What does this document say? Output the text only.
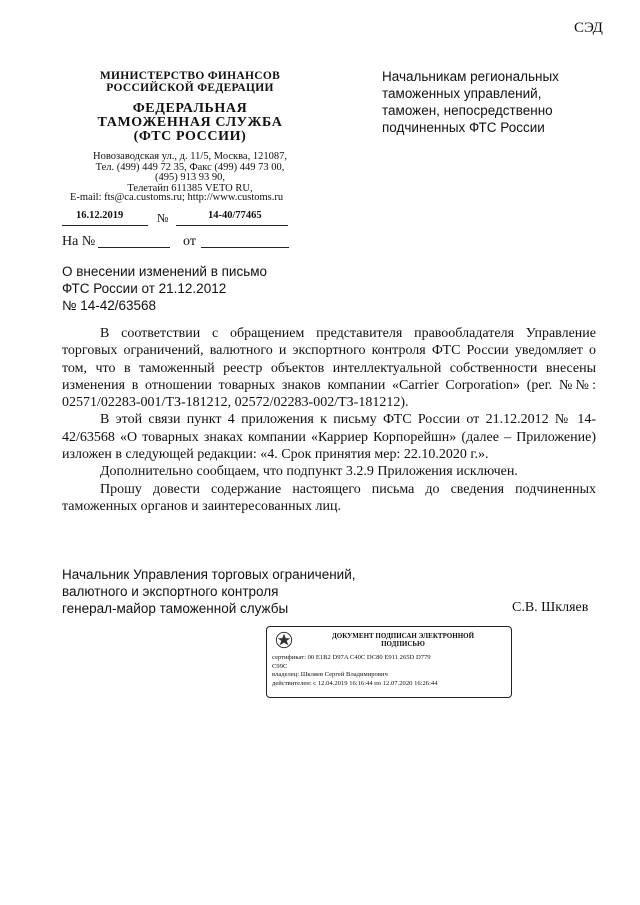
СЭД
МИНИСТЕРСТВО ФИНАНСОВ
РОССИЙСКОЙ ФЕДЕРАЦИИ
ФЕДЕРАЛЬНАЯ
ТАМОЖЕННАЯ СЛУЖБА
(ФТС РОССИИ)
Новозаводская ул., д. 11/5, Москва, 121087,
Тел. (499) 449 72 35, Факс (499) 449 73 00,
(495) 913 93 90,
Телетайп 611385 VETO RU,
E-mail: fts@ca.customs.ru; http://www.customs.ru
16.12.2019	№	14-40/77465
На №	от
Начальникам региональных
таможенных управлений,
таможен, непосредственно
подчиненных ФТС России
О внесении изменений в письмо
ФТС России от 21.12.2012
№ 14-42/63568

В соответствии с обращением представителя правообладателя Управление торговых ограничений, валютного и экспортного контроля ФТС России уведомляет о том, что в таможенный реестр объектов интеллектуальной собственности внесены изменения в отношении товарных знаков компании «Carrier Corporation» (рег. №№: 02571/02283-001/ТЗ-181212, 02572/02283-002/ТЗ-181212).

В этой связи пункт 4 приложения к письму ФТС России от 21.12.2012 № 14-42/63568 «О товарных знаках компании «Карриер Корпорейшн» (далее – Приложение) изложен в следующей редакции: «4. Срок принятия мер: 22.10.2020 г.».

Дополнительно сообщаем, что подпункт 3.2.9 Приложения исключен.

Прошу довести содержание настоящего письма до сведения подчиненных таможенных органов и заинтересованных лиц.

Начальник Управления торговых ограничений,
валютного и экспортного контроля
генерал-майор таможенной службы	С.В. Шкляев
ДОКУМЕНТ ПОДПИСАН ЭЛЕКТРОННОЙ
ПОДПИСЬЮ
сертификат: 00 E1B2 D97A C40C DC80 E911 265D D779
C99C
владелец: Шкляев Сергей Владимирович
действителен: с 12.04.2019 16:16:44 по 12.07.2020 16:26:44
